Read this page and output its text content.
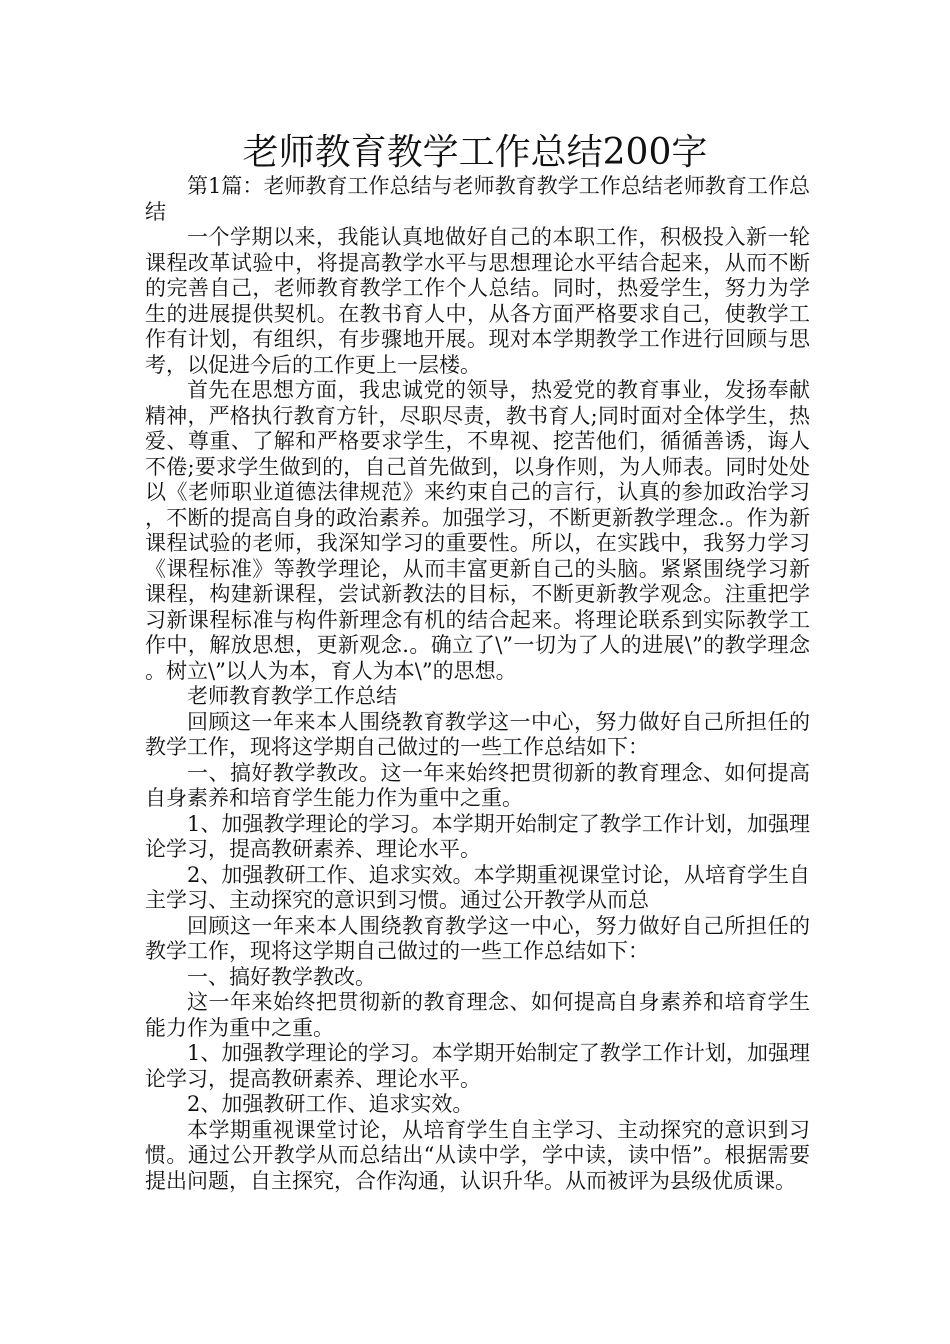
老师教育教学工作总结200字

第1篇：老师教育工作总结与老师教育教学工作总结老师教育工作总结

一个学期以来，我能认真地做好自己的本职工作，积极投入新一轮课程改革试验中，将提高教学水平与思想理论水平结合起来，从而不断的完善自己，老师教育教学工作个人总结。同时，热爱学生，努力为学生的进展提供契机。在教书育人中，从各方面严格要求自己，使教学工作有计划，有组织，有步骤地开展。现对本学期教学工作进行回顾与思考，以促进今后的工作更上一层楼。

首先在思想方面，我忠诚党的领导，热爱党的教育事业，发扬奉献精神，严格执行教育方针，尽职尽责，教书育人;同时面对全体学生，热爱、尊重、了解和严格要求学生，不卑视、挖苦他们，循循善诱，诲人不倦;要求学生做到的，自己首先做到，以身作则，为人师表。同时处处以《老师职业道德法律规范》来约束自己的言行，认真的参加政治学习，不断的提高自身的政治素养。加强学习，不断更新教学理念.。作为新课程试验的老师，我深知学习的重要性。所以，在实践中，我努力学习《课程标准》等教学理论，从而丰富更新自己的头脑。紧紧围绕学习新课程，构建新课程，尝试新教法的目标，不断更新教学观念。注重把学习新课程标准与构件新理念有机的结合起来。将理论联系到实际教学工作中，解放思想，更新观念.。确立了\”一切为了人的进展\”的教学理念。树立\”以人为本，育人为本\”的思想。

老师教育教学工作总结

回顾这一年来本人围绕教育教学这一中心，努力做好自己所担任的教学工作，现将这学期自己做过的一些工作总结如下：

一、搞好教学教改。这一年来始终把贯彻新的教育理念、如何提高自身素养和培育学生能力作为重中之重。

1、加强教学理论的学习。本学期开始制定了教学工作计划，加强理论学习，提高教研素养、理论水平。

2、加强教研工作、追求实效。本学期重视课堂讨论，从培育学生自主学习、主动探究的意识到习惯。通过公开教学从而总

回顾这一年来本人围绕教育教学这一中心，努力做好自己所担任的教学工作，现将这学期自己做过的一些工作总结如下：

一、搞好教学教改。

这一年来始终把贯彻新的教育理念、如何提高自身素养和培育学生能力作为重中之重。

1、加强教学理论的学习。本学期开始制定了教学工作计划，加强理论学习，提高教研素养、理论水平。

2、加强教研工作、追求实效。

本学期重视课堂讨论，从培育学生自主学习、主动探究的意识到习惯。通过公开教学从而总结出“从读中学，学中读，读中悟”。根据需要提出问题，自主探究，合作沟通，认识升华。从而被评为县级优质课。
